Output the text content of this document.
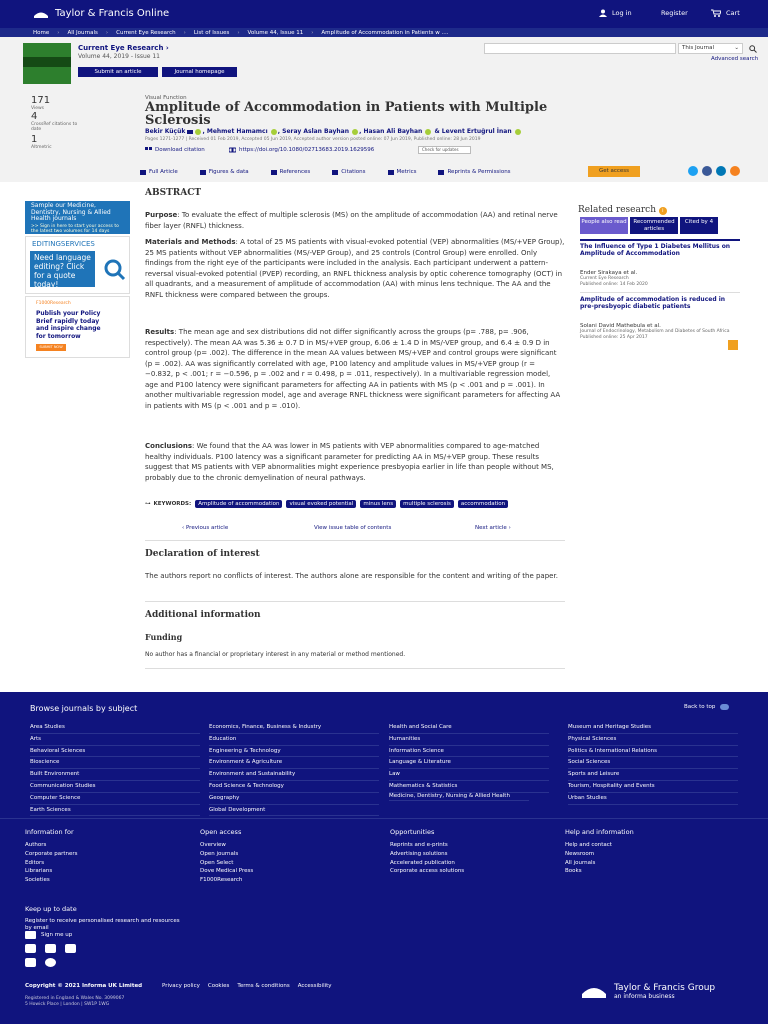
Taylor & Francis Online	Log in	Register	Cart
Home › All Journals › Current Eye Research › List of Issues › Volume 44, Issue 11 › Amplitude of Accommodation in Patients w ....
Current Eye Research ›
Volume 44, 2019 - Issue 11
Submit an article	Journal homepage
This Journal	⌄
Advanced search
171
Views
4
CrossRef citations to date
1
Altmetric
Visual Function
Amplitude of Accommodation in Patients with Multiple Sclerosis
Bekir Küçük	, Mehmet Hamamcı , Seray Aslan Bayhan , Hasan Ali Bayhan & Levent Ertuğrul İnan
Pages 1271-1277 | Received 01 Feb 2019, Accepted 05 Jun 2019, Accepted author version posted online: 07 Jun 2019, Published online: 28 Jun 2019
Download citation	https://doi.org/10.1080/02713683.2019.1629596	Check for updates
Full Article	Figures & data	References	Citations	Metrics	Reprints & Permissions	Get access
ABSTRACT
Purpose: To evaluate the effect of multiple sclerosis (MS) on the amplitude of accommodation (AA) and retinal nerve fiber layer (RNFL) thickness.
Materials and Methods: A total of 25 MS patients with visual-evoked potential (VEP) abnormalities (MS/+VEP Group), 25 MS patients without VEP abnormalities (MS/-VEP Group), and 25 controls (Control Group) were enrolled. Only findings from the right eye of the participants were included in the analysis. Each participant underwent a pattern-reversal visual-evoked potential (PVEP) recording, an RNFL thickness analysis by optic coherence tomography (OCT) in all quadrants, and a measurement of amplitude of accommodation (AA) with minus lens technique. The AA and the RNFL thickness were compared between the groups.
Results: The mean age and sex distributions did not differ significantly across the groups (p= .788, p= .906, respectively). The mean AA was 5.36 ± 0.7 D in MS/+VEP group, 6.06 ± 1.4 D in MS/-VEP group, and 6.4 ± 0.9 D in control group (p= .002). The difference in the mean AA values between MS/+VEP and control groups were significant (p = .002). AA was significantly correlated with age, P100 latency and amplitude values in MS/+VEP group (r = −0.832, p < .001; r = −0.596, p = .002 and r = 0.498, p = .011, respectively). In a multivariable regression model, age and P100 latency were significant parameters for affecting AA in patients with MS (p < .001 and p = .001). In another multivariable regression model, age and average RNFL thickness were significant parameters for affecting AA in patients with MS (p < .001 and p = .010).
Conclusions: We found that the AA was lower in MS patients with VEP abnormalities compared to age-matched healthy individuals. P100 latency was a significant parameter for predicting AA in MS/+VEP group. These results suggest that MS patients with VEP abnormalities might experience presbyopia earlier in life than people without MS, probably due to the chronic demyelination of neural pathways.
⊶ KEYWORDS:	Amplitude of accommodation	visual evoked potential	minus lens	multiple sclerosis	accommodation
‹ Previous article	View issue table of contents	Next article ›
Declaration of interest
The authors report no conflicts of interest. The authors alone are responsible for the content and writing of the paper.
Additional information
Funding
No author has a financial or proprietary interest in any material or method mentioned.
Sample our Medicine, Dentistry, Nursing & Allied Health journals
>> Sign in here to start your access to the latest two volumes for 14 days
EDITINGSERVICES
Need language editing? Click for a quote today!
F1000Research
Publish your Policy Brief rapidly today and inspire change for tomorrow
SUBMIT NOW
Related research i
People also read	Recommended articles
Cited by 4
The Influence of Type 1 Diabetes Mellitus on Amplitude of Accommodation
Ender Sirakaya et al.
Current Eye Research
Published online: 14 Feb 2020
Amplitude of accommodation is reduced in pre-presbyopic diabetic patients
Solani David Mathebula et al.
Journal of Endocrinology, Metabolism and Diabetes of South Africa
Published online: 25 Apr 2017
Browse journals by subject	Back to top
Area Studies
Arts
Behavioral Sciences
Bioscience
Built Environment
Communication Studies
Computer Science
Earth Sciences
Economics, Finance, Business & Industry
Education
Engineering & Technology
Environment & Agriculture
Environment and Sustainability
Food Science & Technology
Geography
Global Development
Health and Social Care
Humanities
Information Science
Language & Literature
Law
Mathematics & Statistics
Medicine, Dentistry, Nursing & Allied Health
Museum and Heritage Studies
Physical Sciences
Politics & International Relations
Social Sciences
Sports and Leisure
Tourism, Hospitality and Events
Urban Studies
Information for
Authors
Corporate partners
Editors
Librarians
Societies
Open access
Overview
Open journals
Open Select
Dove Medical Press
F1000Research
Opportunities
Reprints and e-prints
Advertising solutions
Accelerated publication
Corporate access solutions
Help and information
Help and contact
Newsroom
All journals
Books
Keep up to date
Register to receive personalised research and resources by email
Sign me up
Copyright © 2021 Informa UK Limited	Privacy policy Cookies Terms & conditions Accessibility
Registered in England & Wales No. 3099067
5 Howick Place | London | SW1P 1WG
Taylor & Francis Group
an informa business
